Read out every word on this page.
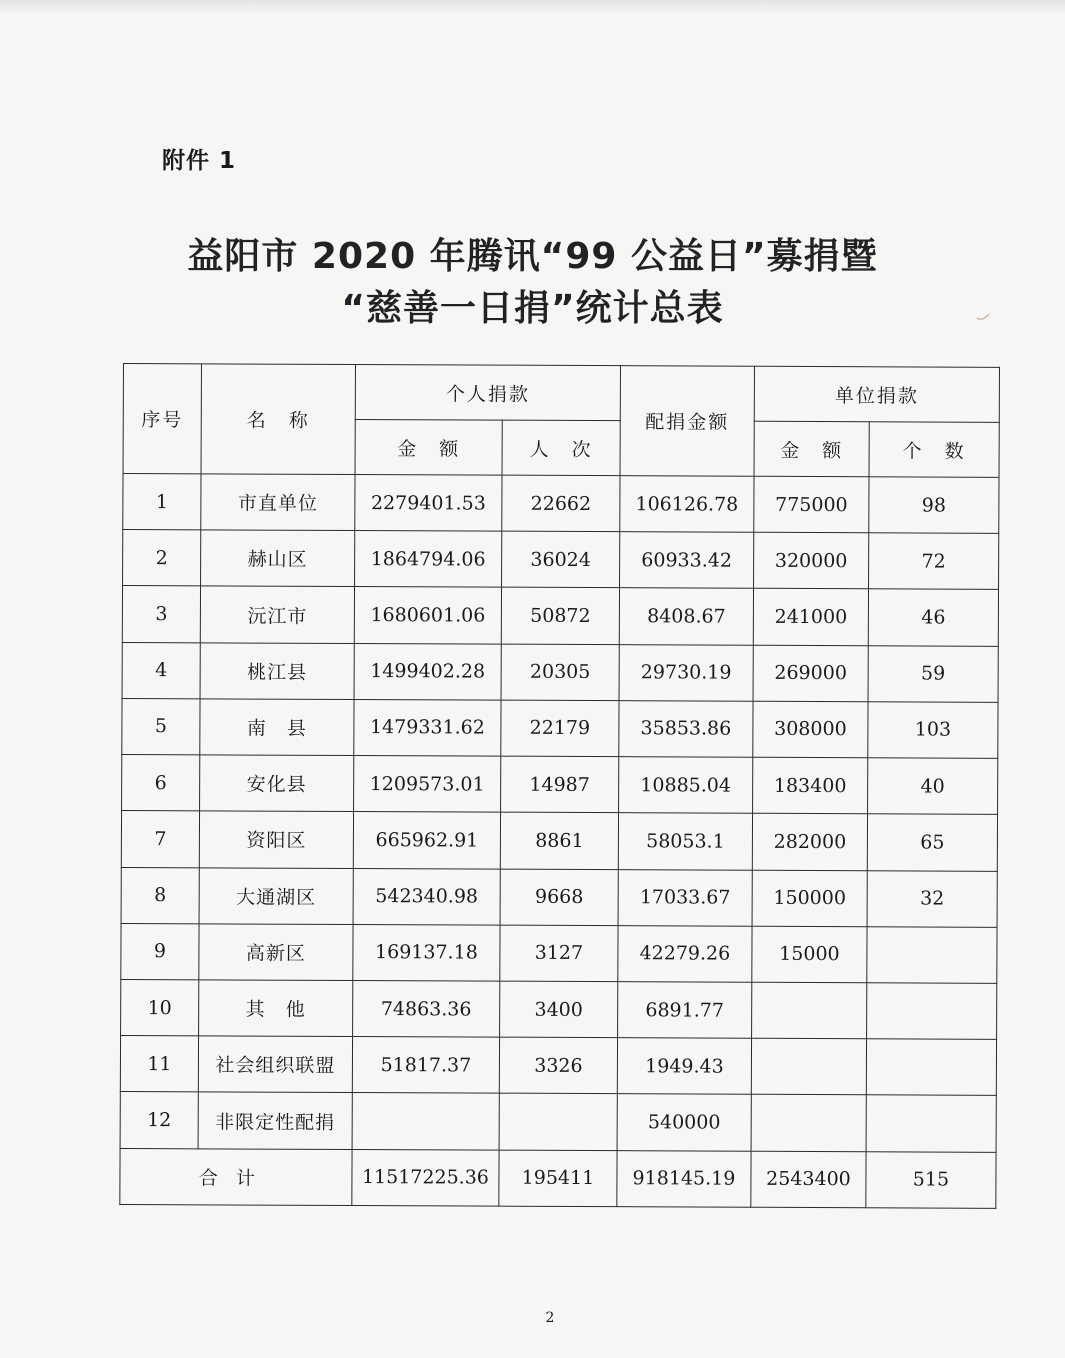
附件 1
益阳市 2020 年腾讯“99 公益日”募捐暨
“慈善一日捐”统计总表
序号	名　称	个人捐款		配捐金额	单位捐款	
		金　额	人　次		金　额	个　数
1	市直单位	2279401.53	22662	106126.78	775000	98
2	赫山区	1864794.06	36024	60933.42	320000	72
3	沅江市	1680601.06	50872	8408.67	241000	46
4	桃江县	1499402.28	20305	29730.19	269000	59
5	南　县	1479331.62	22179	35853.86	308000	103
6	安化县	1209573.01	14987	10885.04	183400	40
7	资阳区	665962.91	8861	58053.1	282000	65
8	大通湖区	542340.98	9668	17033.67	150000	32
9	高新区	169137.18	3127	42279.26	15000	
10	其　他	74863.36	3400	6891.77		
11	社会组织联盟	51817.37	3326	1949.43		
12	非限定性配捐			540000		
合计		11517225.36	195411	918145.19	2543400	515
2
